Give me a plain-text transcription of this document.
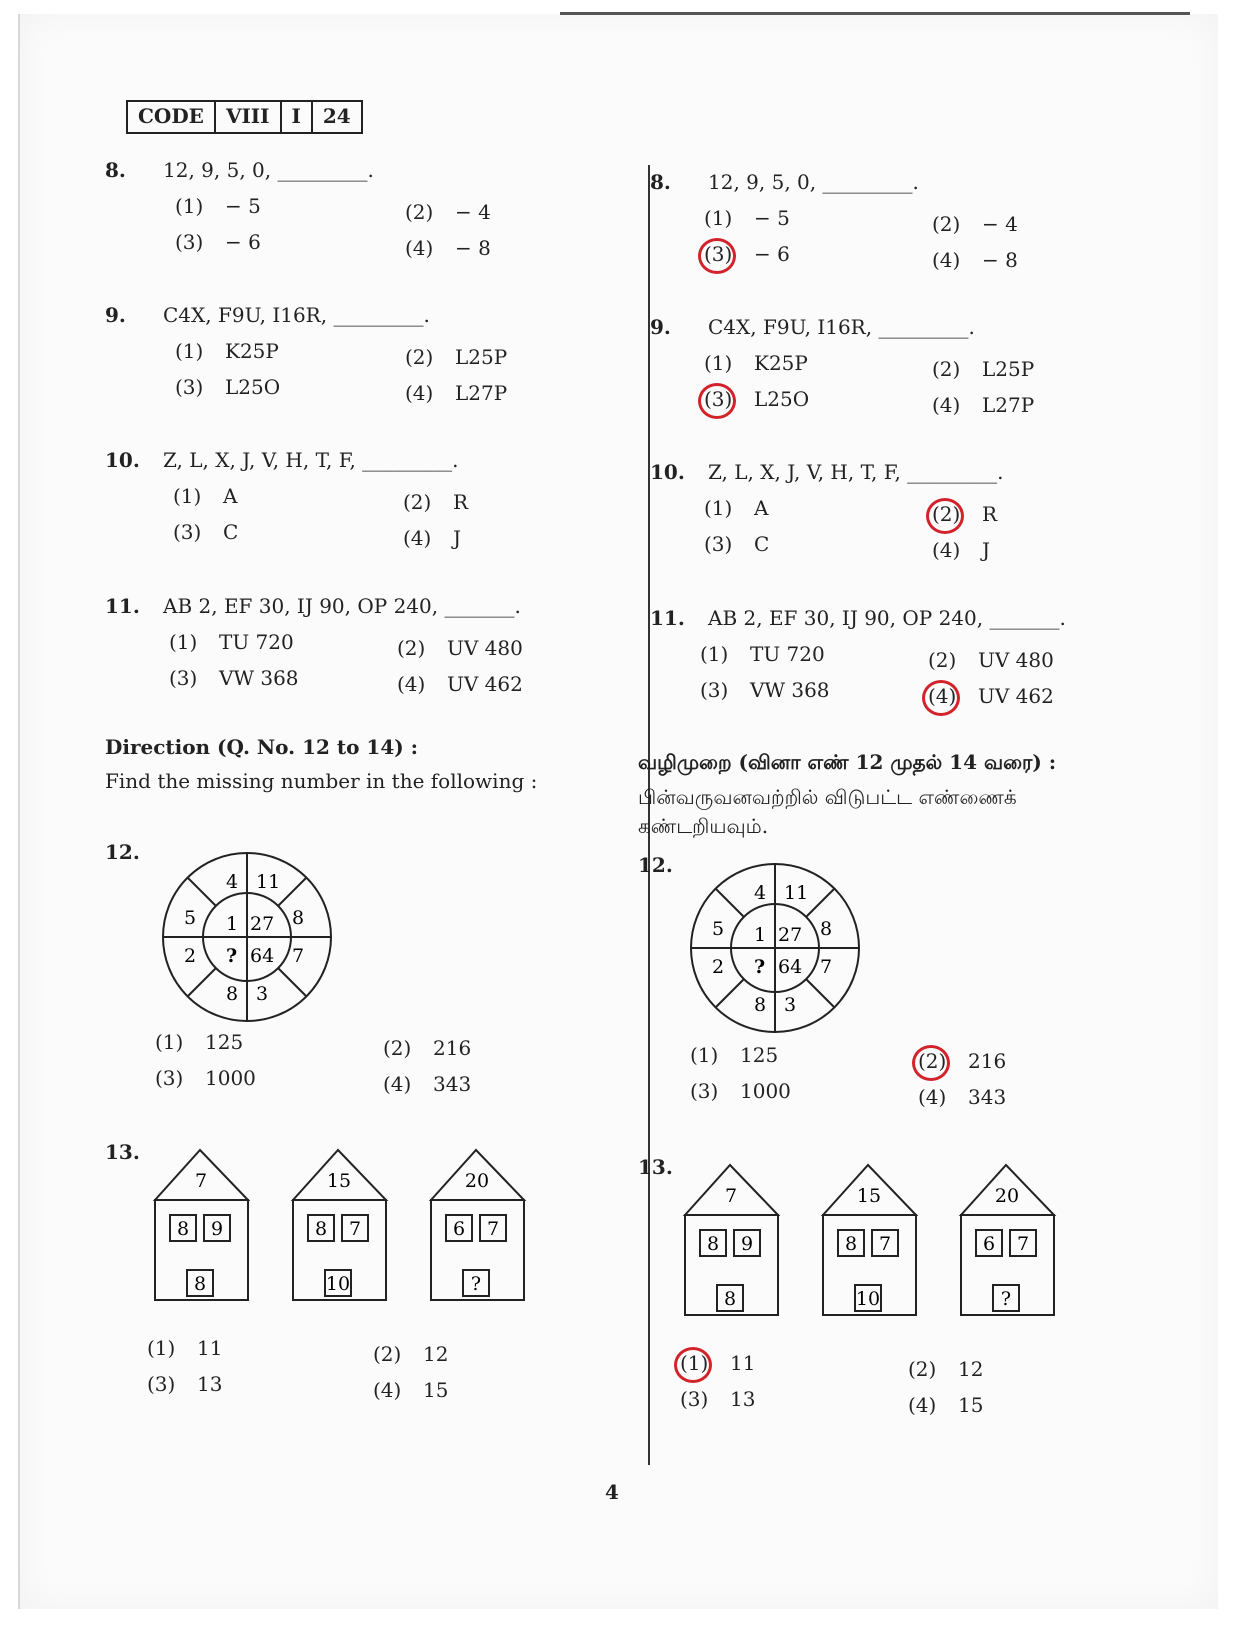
CODE	VIII	I	24
8. 12, 9, 5, 0, _________.
(1) − 5	(2) − 4
(3) − 6	(4) − 8
9. C4X, F9U, I16R, _________.
(1) K25P	(2) L25P
(3) L25O	(4) L27P
10. Z, L, X, J, V, H, T, F, _________.
(1) A	(2) R
(3) C	(4) J
11. AB 2, EF 30, IJ 90, OP 240, _______.
(1) TU 720	(2) UV 480
(3) VW 368	(4) UV 462
Direction (Q. No. 12 to 14) :
Find the missing number in the following :
12.
4 11
8
7
3
8
2
5 1 27
64
?
(1) 125	(2) 216
(3) 1000	(4) 343
13.
7
8 9
8
15
8 7
10
20
6 7
?
(1) 11	(2) 12
(3) 13	(4) 15
8. 12, 9, 5, 0, _________.
(1) − 5	(2) − 4
(3) − 6	(4) − 8
9. C4X, F9U, I16R, _________.
(1) K25P	(2) L25P
(3) L25O	(4) L27P
10. Z, L, X, J, V, H, T, F, _________.
(1) A	(2) R
(3) C	(4) J
11. AB 2, EF 30, IJ 90, OP 240, _______.
(1) TU 720	(2) UV 480
(3) VW 368	(4) UV 462
வழிமுறை (வினா எண் 12 முதல் 14 வரை) :
பின்வருவனவற்றில் விடுபட்ட எண்ணைக்
கண்டறியவும்.
12.
4 11
8
7
3
8
2
5 1 27
64
?
(1) 125	(2) 216
(3) 1000	(4) 343
13.
7
8 9
8
15
8 7
10
20
6 7
?
(1) 11	(2) 12
(3) 13	(4) 15
4
